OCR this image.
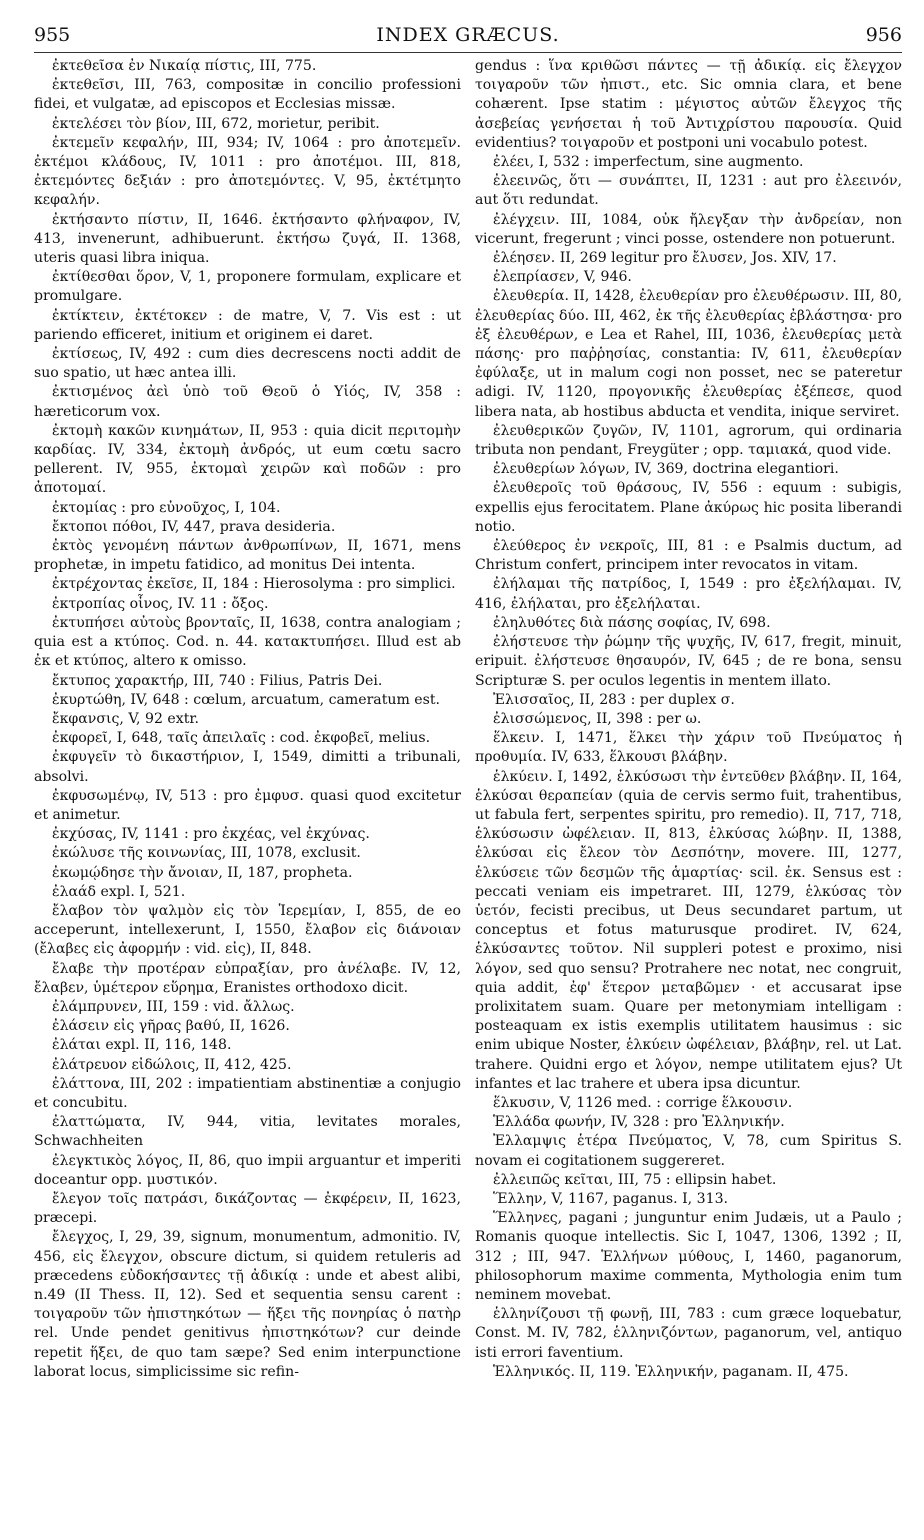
955	INDEX GRÆCUS.	956

ἐκτεθεῖσα ἐν Νικαίᾳ πίστις, III, 775.

ἐκτεθεῖσι, III, 763, compositæ in concilio professioni fidei, et vulgatæ, ad episcopos et Ecclesias missæ.

ἐκτελέσει τὸν βίον, III, 672, morietur, peribit.

ἐκτεμεῖν κεφαλήν, III, 934; IV, 1064 : pro ἀποτεμεῖν. ἐκτέμοι κλάδους, IV, 1011 : pro ἀποτέμοι. III, 818, ἐκτεμόντες δεξιάν : pro ἀποτεμόντες. V, 95, ἐκτέτμητο κεφαλήν.

ἐκτήσαντο πίστιν, II, 1646. ἐκτήσαντο φλήναφον, IV, 413, invenerunt, adhibuerunt. ἐκτήσω ζυγά, II. 1368, uteris quasi libra iniqua.

ἐκτίθεσθαι ὅρον, V, 1, proponere formulam, explicare et promulgare.

ἐκτίκτειν, ἐκτέτοκεν : de matre, V, 7. Vis est : ut pariendo efficeret, initium et originem ei daret.

ἐκτίσεως, IV, 492 : cum dies decrescens nocti addit de suo spatio, ut hæc antea illi.

ἐκτισμένος ἀεὶ ὑπὸ τοῦ Θεοῦ ὁ Υἱός, IV, 358 : hæreticorum vox.

ἐκτομὴ κακῶν κινημάτων, II, 953 : quia dicit περιτομὴν καρδίας. IV, 334, ἐκτομὴ ἀνδρός, ut eum cœtu sacro pellerent. IV, 955, ἐκτομαὶ χειρῶν καὶ ποδῶν : pro ἀποτομαί.

ἐκτομίας : pro εὐνοῦχος, I, 104.

ἔκτοποι πόθοι, IV, 447, prava desideria.

ἐκτὸς γενομένη πάντων ἀνθρωπίνων, II, 1671, mens prophetæ, in impetu fatidico, ad monitus Dei intenta.

ἐκτρέχοντας ἐκεῖσε, II, 184 : Hierosolyma : pro simplici.

ἐκτροπίας οἶνος, IV. 11 : ὄξος.

ἐκτυπήσει αὐτοὺς βρονταῖς, II, 1638, contra analogiam ; quia est a κτύπος. Cod. n. 44. κατακτυπήσει. Illud est ab ἐκ et κτύπος, altero κ omisso.

ἔκτυπος χαρακτήρ, III, 740 : Filius, Patris Dei.

ἐκυρτώθη, IV, 648 : cœlum, arcuatum, cameratum est.

ἔκφανσις, V, 92 extr.

ἐκφορεῖ, I, 648, ταῖς ἀπειλαῖς : cod. ἐκφοβεῖ, melius.

ἐκφυγεῖν τὸ δικαστήριον, I, 1549, dimitti a tribunali, absolvi.

ἐκφυσωμένῳ, IV, 513 : pro ἐμφυσ. quasi quod excitetur et animetur.

ἐκχύσας, IV, 1141 : pro ἐκχέας, vel ἐκχύνας.

ἐκώλυσε τῆς κοινωνίας, III, 1078, exclusit.

ἐκωμῴδησε τὴν ἄνοιαν, II, 187, prophetа.

ἐλαάδ expl. I, 521.

ἔλαβον τὸν ψαλμὸν εἰς τὸν Ἱερεμίαν, I, 855, de eo acceperunt, intellexerunt, I, 1550, ἔλαβον εἰς διάνοιαν (ἔλαβες εἰς ἀφορμήν : vid. εἰς), II, 848.

ἔλαβε τὴν προτέραν εὐπραξίαν, pro ἀνέλαβε. IV, 12, ἔλαβεν, ὑμέτερον εὕρημα, Eranistes orthodoxo dicit.

ἐλάμπρυνεν, III, 159 : vid. ἄλλως.

ἐλάσειν εἰς γῆρας βαθύ, II, 1626.

ἐλάται expl. II, 116, 148.

ἐλάτρευον εἰδώλοις, II, 412, 425.

ἐλάττονα, III, 202 : impatientiam abstinentiæ a conjugio et concubitu.

ἐλαττώματα, IV, 944, vitia, levitates morales, Schwachheiten

ἐλεγκτικὸς λόγος, II, 86, quo impii arguantur et imperiti doceantur opp. μυστικόν.

ἔλεγον τοῖς πατράσι, δικάζοντας — ἐκφέρειν, II, 1623, præcepi.

ἔλεγχος, I, 29, 39, signum, monumentum, admonitio. IV, 456, εἰς ἔλεγχον, obscure dictum, si quidem retuleris ad præcedens εὐδοκήσαντες τῇ ἀδικίᾳ : unde et abest alibi, n.49 (II Thess. II, 12). Sed et sequentia sensu carent : τοιγαροῦν τῶν ἠπιστηκότων — ἥξει τῆς πονηρίας ὁ πατὴρ rel. Unde pendet genitivus ἠπιστηκότων? cur deinde repetit ἥξει, de quo tam sæpe? Sed enim interpunctione laborat locus, simplicissime sic refin-

gendus : ἵνα κριθῶσι πάντες — τῇ ἀδικίᾳ. εἰς ἔλεγχον τοιγαροῦν τῶν ἠπιστ., etc. Sic omnia clara, et bene cohærent. Ipse statim : μέγιστος αὐτῶν ἔλεγχος τῆς ἀσεβείας γενήσεται ἡ τοῦ Ἀντιχρίστου παρουσία. Quid evidentius? τοιγαροῦν et postponi uni vocabulo potest.

ἐλέει, I, 532 : imperfectum, sine augmento.

ἐλεεινῶς, ὅτι — συνάπτει, II, 1231 : aut pro ἐλεεινόν, aut ὅτι redundat.

ἐλέγχειν. III, 1084, οὐκ ἤλεγξαν τὴν ἀνδρείαν, non vicerunt, fregerunt ; vinci posse, ostendere non potuerunt.

ἐλέησεν. II, 269 legitur pro ἔλυσεν, Jos. XIV, 17.

ἐλεπρίασεν, V, 946.

ἐλευθερία. II, 1428, ἐλευθερίαν pro ἐλευθέρωσιν. III, 80, ἐλευθερίας δύο. III, 462, ἐκ τῆς ἐλευθερίας ἐβλάστησα· pro ἐξ ἐλευθέρων, e Lea et Rahel, III, 1036, ἐλευθερίας μετὰ πάσης· pro παῤῥησίας, constantia: IV, 611, ἐλευθερίαν ἐφύλαξε, ut in malum cogi non posset, nec se pateretur adigi. IV, 1120, προγονικῆς ἐλευθερίας ἐξέπεσε, quod libera nata, ab hostibus abducta et vendita, inique serviret.

ἐλευθερικῶν ζυγῶν, IV, 1101, agrorum, qui ordinaria tributa non pendant, Freygüter ; opp. ταμιακά, quod vide.

ἐλευθερίων λόγων, IV, 369, doctrina elegantiori.

ἐλευθεροῖς τοῦ θράσους, IV, 556 : equum : subigis, expellis ejus ferocitatem. Plane ἀκύρως hic posita liberandi notio.

ἐλεύθερος ἐν νεκροῖς, III, 81 : e Psalmis ductum, ad Christum confert, principem inter revocatos in vitam.

ἐλήλαμαι τῆς πατρίδος, I, 1549 : pro ἐξελήλαμαι. IV, 416, ἐλήλαται, pro ἐξελήλαται.

ἐληλυθότες διὰ πάσης σοφίας, IV, 698.

ἐλήστευσε τὴν ῥώμην τῆς ψυχῆς, IV, 617, fregit, minuit, eripuit. ἐλήστευσε θησαυρόν, IV, 645 ; de re bona, sensu Scripturæ S. per oculos legentis in mentem illato.

Ἐλισσαῖος, II, 283 : per duplex σ.

ἐλισσώμενος, II, 398 : per ω.

ἕλκειν. I, 1471, ἕλκει τὴν χάριν τοῦ Πνεύματος ἡ προθυμία. IV, 633, ἕλκουσι βλάβην.

ἑλκύειν. I, 1492, ἑλκύσωσι τὴν ἐντεῦθεν βλάβην. II, 164, ἑλκύσαι θεραπείαν (quia de cervis sermo fuit, trahentibus, ut fabula fert, serpentes spiritu, pro remedio). II, 717, 718, ἑλκύσωσιν ὠφέλειαν. II, 813, ἑλκύσας λώβην. II, 1388, ἑλκύσαι εἰς ἔλεον τὸν Δεσπότην, movere. III, 1277, ἑλκύσειε τῶν δεσμῶν τῆς ἁμαρτίας· scil. ἐκ. Sensus est : peccati veniam eis impetraret. III, 1279, ἑλκύσας τὸν ὑετόν, fecisti precibus, ut Deus secundaret partum, ut conceptus et fotus maturusque prodiret. IV, 624, ἑλκύσαντες τοῦτον. Nil suppleri potest e proximo, nisi λόγον, sed quo sensu? Protrahere nec notat, nec congruit, quia addit, ἐφ' ἕτερον μεταβῶμεν · et accusarat ipse prolixitatem suam. Quare per metonymiam intelligam : posteaquam ex istis exemplis utilitatem hausimus : sic enim ubique Noster, ἑλκύειν ὠφέλειαν, βλάβην, rel. ut Lat. trahere. Quidni ergo et λόγον, nempe utilitatem ejus? Ut infantes et lac trahere et ubera ipsa dicuntur.

ἕλκυσιν, V, 1126 med. : corrige ἕλκουσιν.

Ἑλλάδα φωνήν, IV, 328 : pro Ἑλληνικήν.

Ἐλλαμψις ἑτέρα Πνεύματος, V, 78, cum Spiritus S. novam ei cogitationem suggereret.

ἐλλειπῶς κεῖται, III, 75 : ellipsin habet.

Ἕλλην, V, 1167, paganus. I, 313.

Ἕλληνες, pagani ; junguntur enim Judæis, ut a Paulo ; Romanis quoque intellectis. Sic I, 1047, 1306, 1392 ; II, 312 ; III, 947. Ἑλλήνων μύθους, I, 1460, paganorum, philosophorum maxime commenta, Mythologia enim tum neminem movebat.

ἑλληνίζουσι τῇ φωνῇ, III, 783 : cum græce loquebatur, Const. M. IV, 782, ἑλληνιζόντων, paganorum, vel, antiquo isti errori faventium.

Ἑλληνικός. II, 119. Ἑλληνικήν, paganam. II, 475.
